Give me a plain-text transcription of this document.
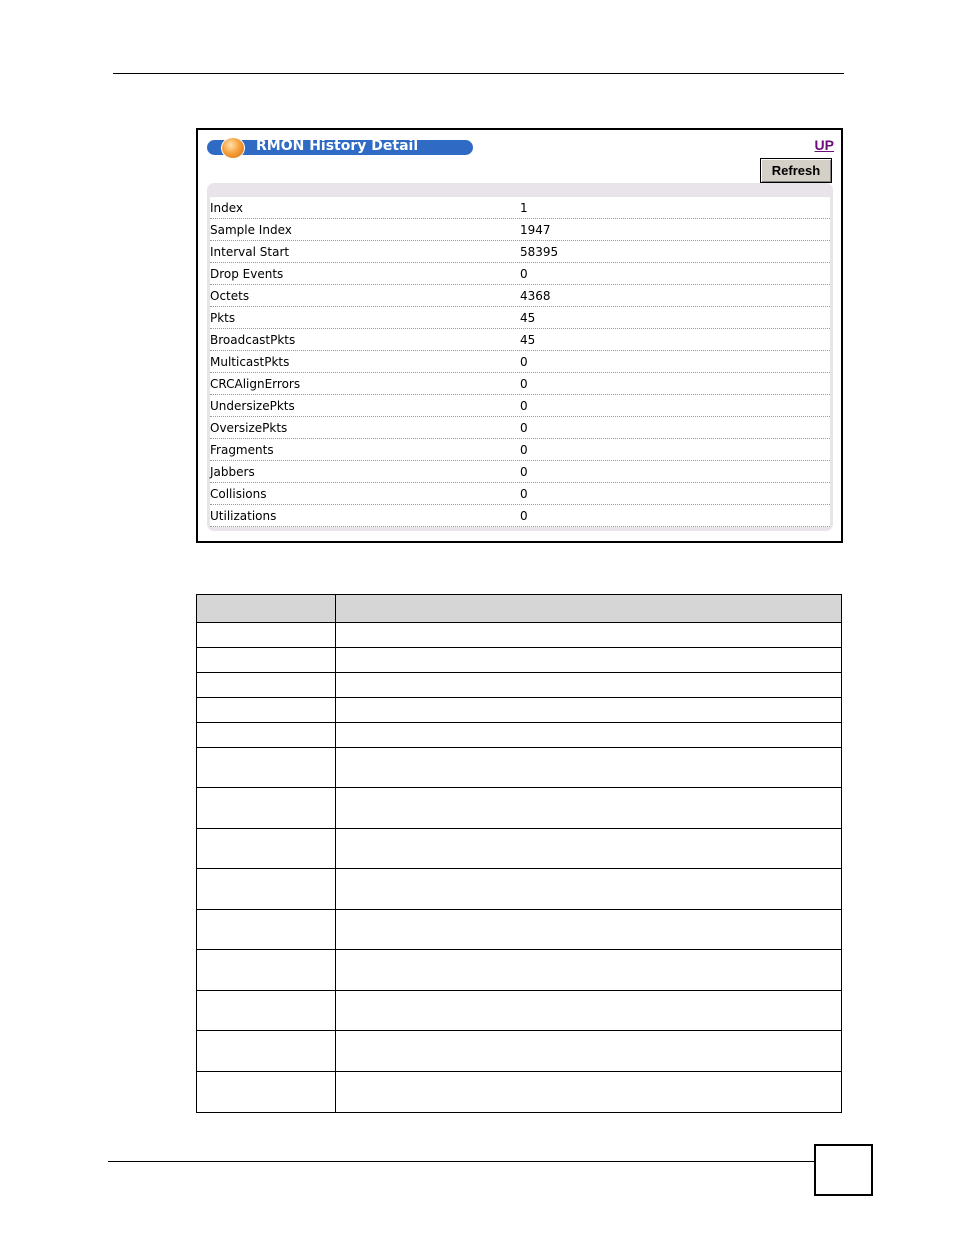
RMON History Detail	UP
Refresh
Index	1
Sample Index	1947
Interval Start	58395
Drop Events	0
Octets	4368
Pkts	45
BroadcastPkts	45
MulticastPkts	0
CRCAlignErrors	0
UndersizePkts	0
OversizePkts	0
Fragments	0
Jabbers	0
Collisions	0
Utilizations	0
